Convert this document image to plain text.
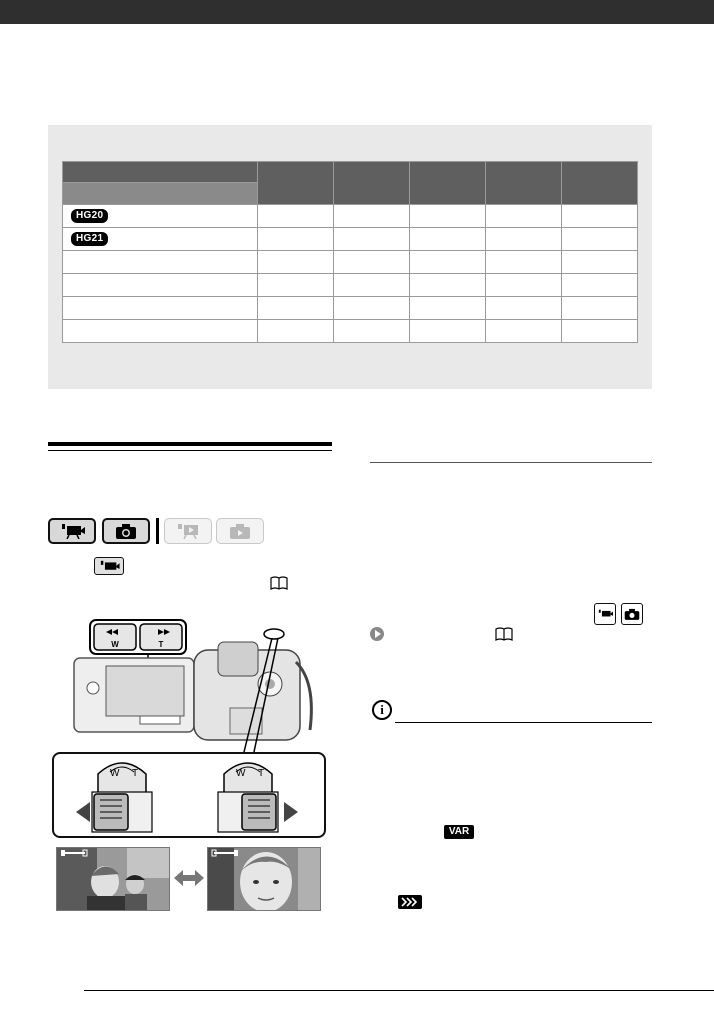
HG20					
HG21					

W	T
W T	W T
i
VAR
